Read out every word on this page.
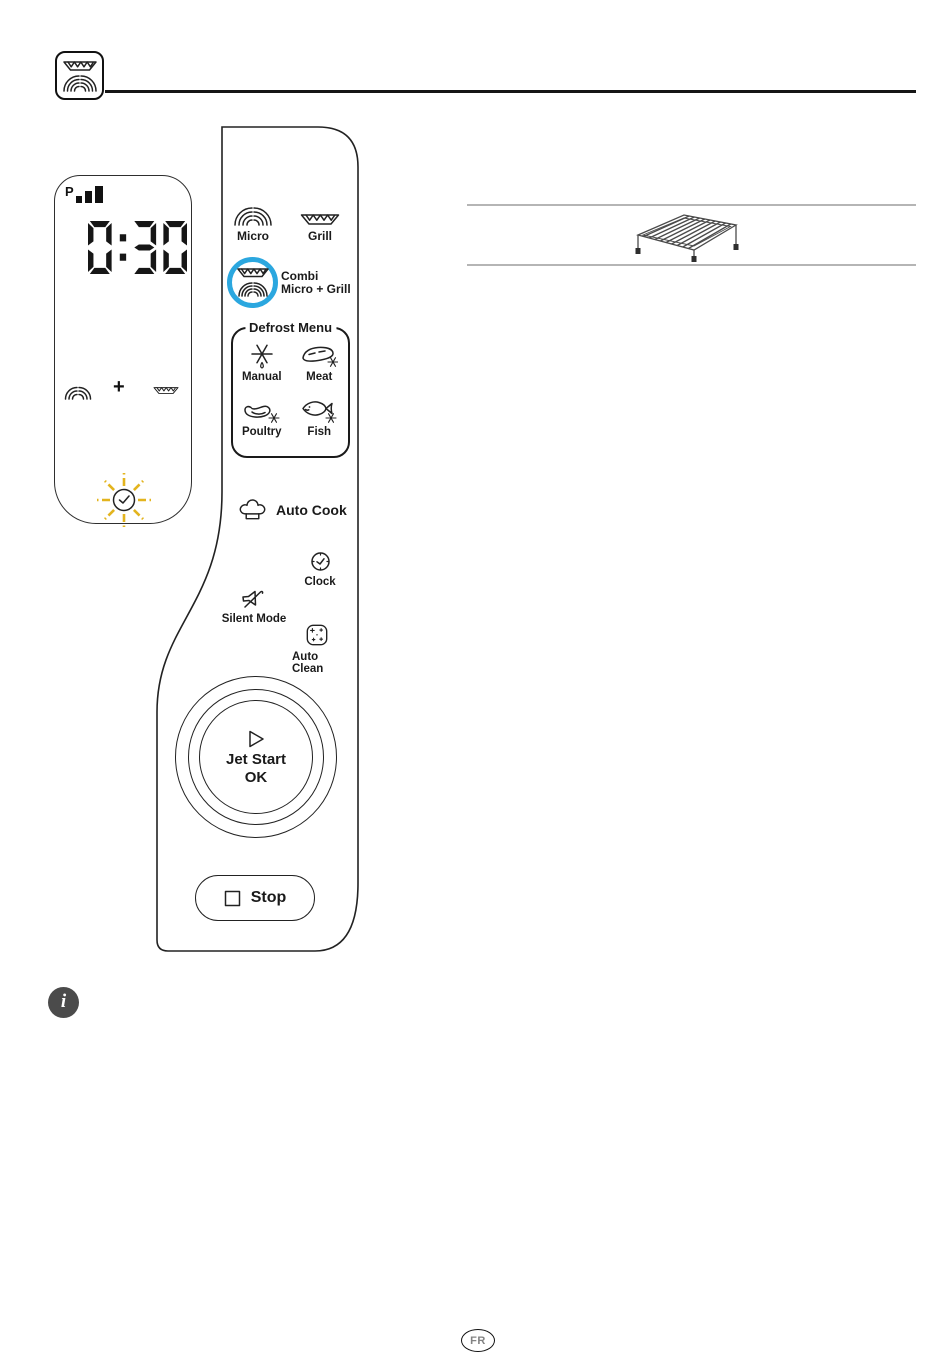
P
+
Micro	Grill
Combi
Micro + Grill
Defrost Menu
Manual Meat
Poultry Fish
Auto Cook
Clock
Silent Mode
Auto Clean
Jet Start
OK
Stop
i
FR
